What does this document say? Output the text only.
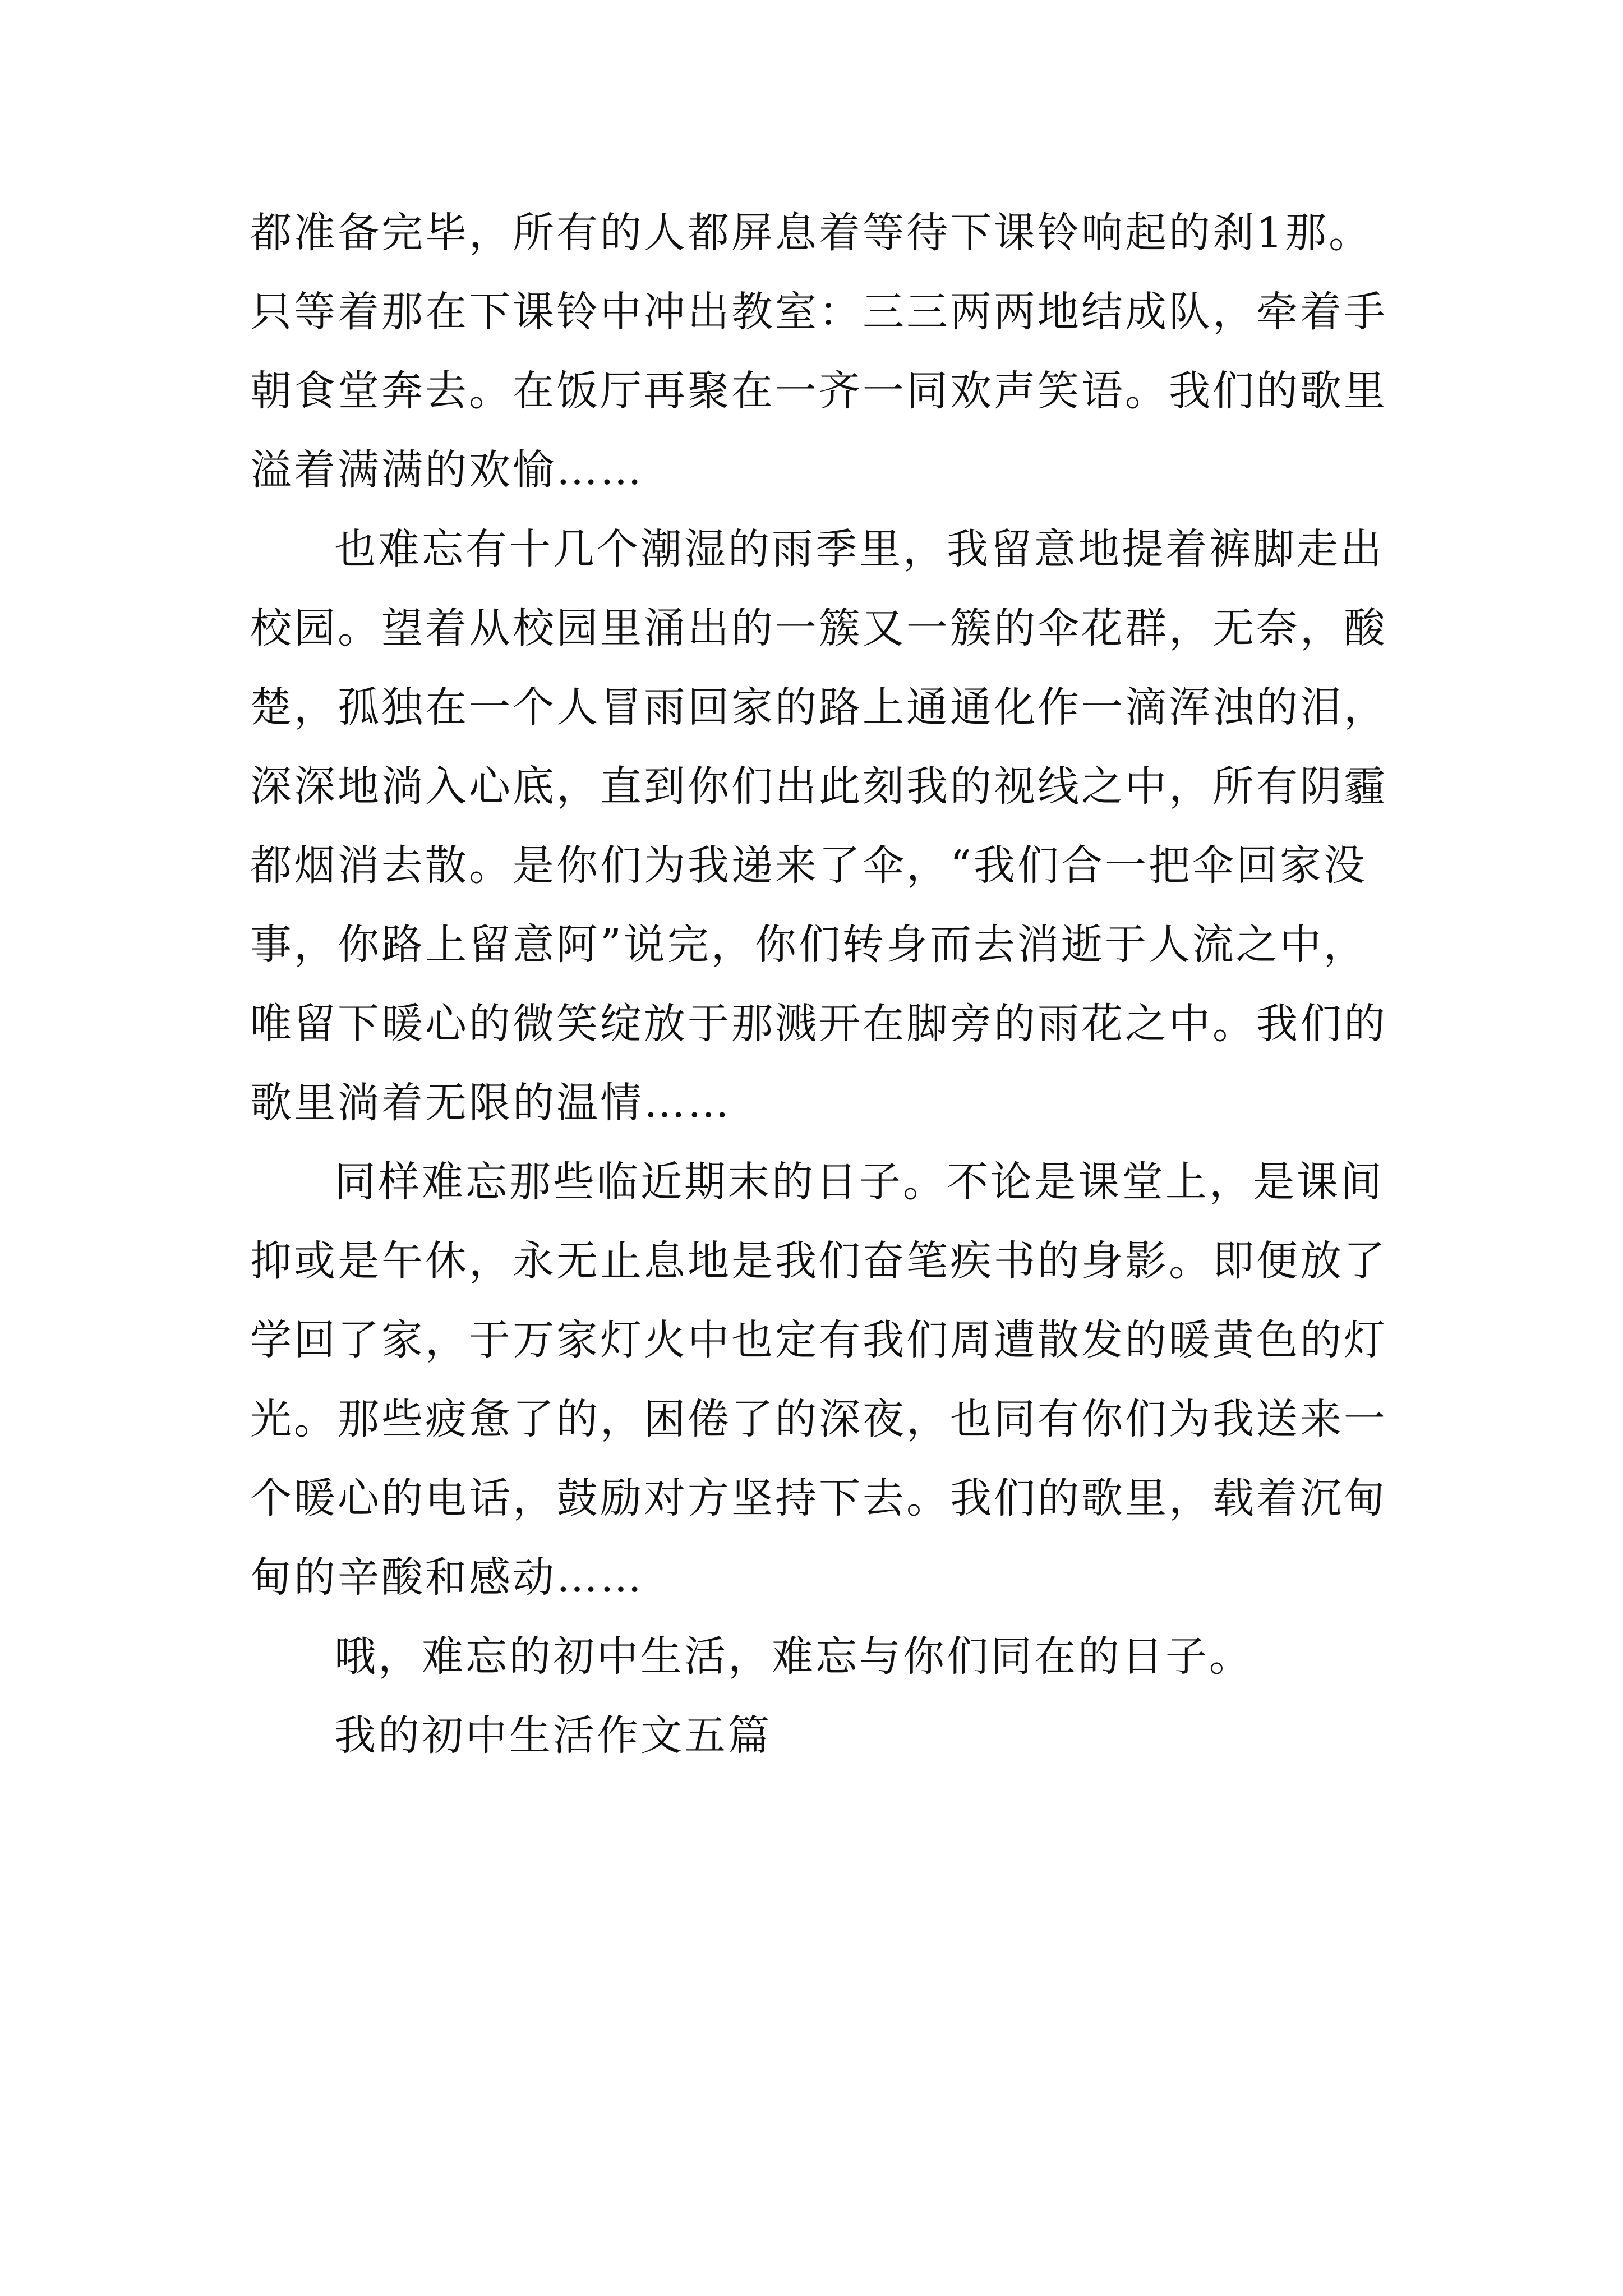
都准备完毕，所有的人都屏息着等待下课铃响起的刹1那。
只等着那在下课铃中冲出教室：三三两两地结成队，牵着手
朝食堂奔去。在饭厅再聚在一齐一同欢声笑语。我们的歌里
溢着满满的欢愉……
也难忘有十几个潮湿的雨季里，我留意地提着裤脚走出
校园。望着从校园里涌出的一簇又一簇的伞花群，无奈，酸
楚，孤独在一个人冒雨回家的路上通通化作一滴浑浊的泪，
深深地淌入心底，直到你们出此刻我的视线之中，所有阴霾
都烟消去散。是你们为我递来了伞，“我们合一把伞回家没
事，你路上留意阿”说完，你们转身而去消逝于人流之中，
唯留下暖心的微笑绽放于那溅开在脚旁的雨花之中。我们的
歌里淌着无限的温情……
同样难忘那些临近期末的日子。不论是课堂上，是课间
抑或是午休，永无止息地是我们奋笔疾书的身影。即便放了
学回了家，于万家灯火中也定有我们周遭散发的暖黄色的灯
光。那些疲惫了的，困倦了的深夜，也同有你们为我送来一
个暖心的电话，鼓励对方坚持下去。我们的歌里，载着沉甸
甸的辛酸和感动……
哦，难忘的初中生活，难忘与你们同在的日子。
我的初中生活作文五篇
